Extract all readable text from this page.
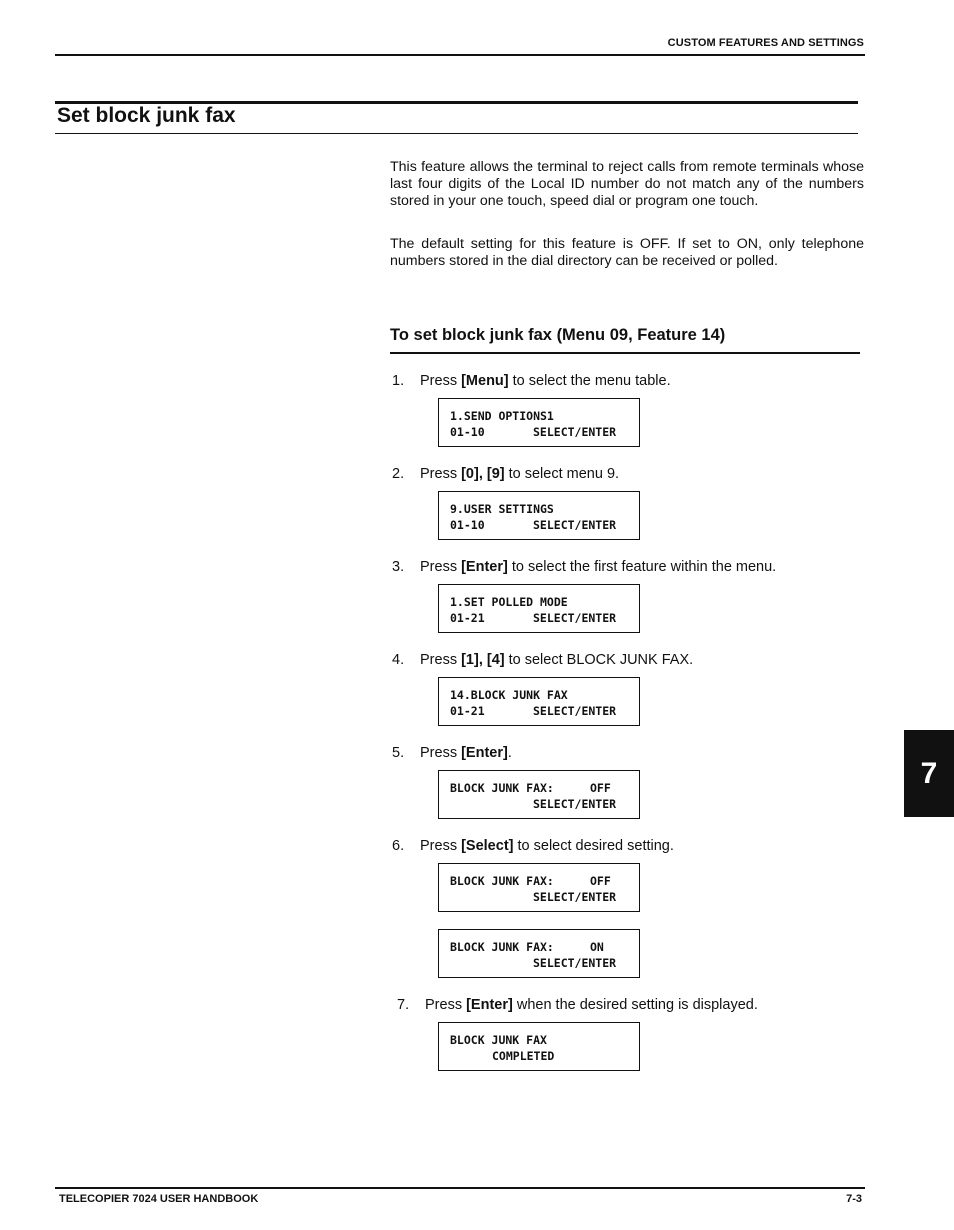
CUSTOM FEATURES AND SETTINGS
Set block junk fax

This feature allows the terminal to reject calls from remote terminals whose last four digits of the Local ID number do not match any of the numbers stored in your one touch, speed dial or program one touch.

The default setting for this feature is OFF. If set to ON, only telephone numbers stored in the dial directory can be received or polled.

To set block junk fax (Menu 09, Feature 14)
1. Press [Menu] to select the menu table.
1.SEND OPTIONS1
01-10	SELECT/ENTER
2. Press [0], [9] to select menu 9.
9.USER SETTINGS
01-10	SELECT/ENTER
3. Press [Enter] to select the first feature within the menu.
1.SET POLLED MODE
01-21	SELECT/ENTER
4. Press [1], [4] to select BLOCK JUNK FAX.
14.BLOCK JUNK FAX
01-21	SELECT/ENTER
5. Press [Enter].
BLOCK JUNK FAX:	OFF
SELECT/ENTER
6. Press [Select] to select desired setting.
BLOCK JUNK FAX:	OFF
SELECT/ENTER
BLOCK JUNK FAX:	ON
SELECT/ENTER
7. Press [Enter] when the desired setting is displayed.
BLOCK JUNK FAX
COMPLETED
7
TELECOPIER 7024 USER HANDBOOK	7-3
